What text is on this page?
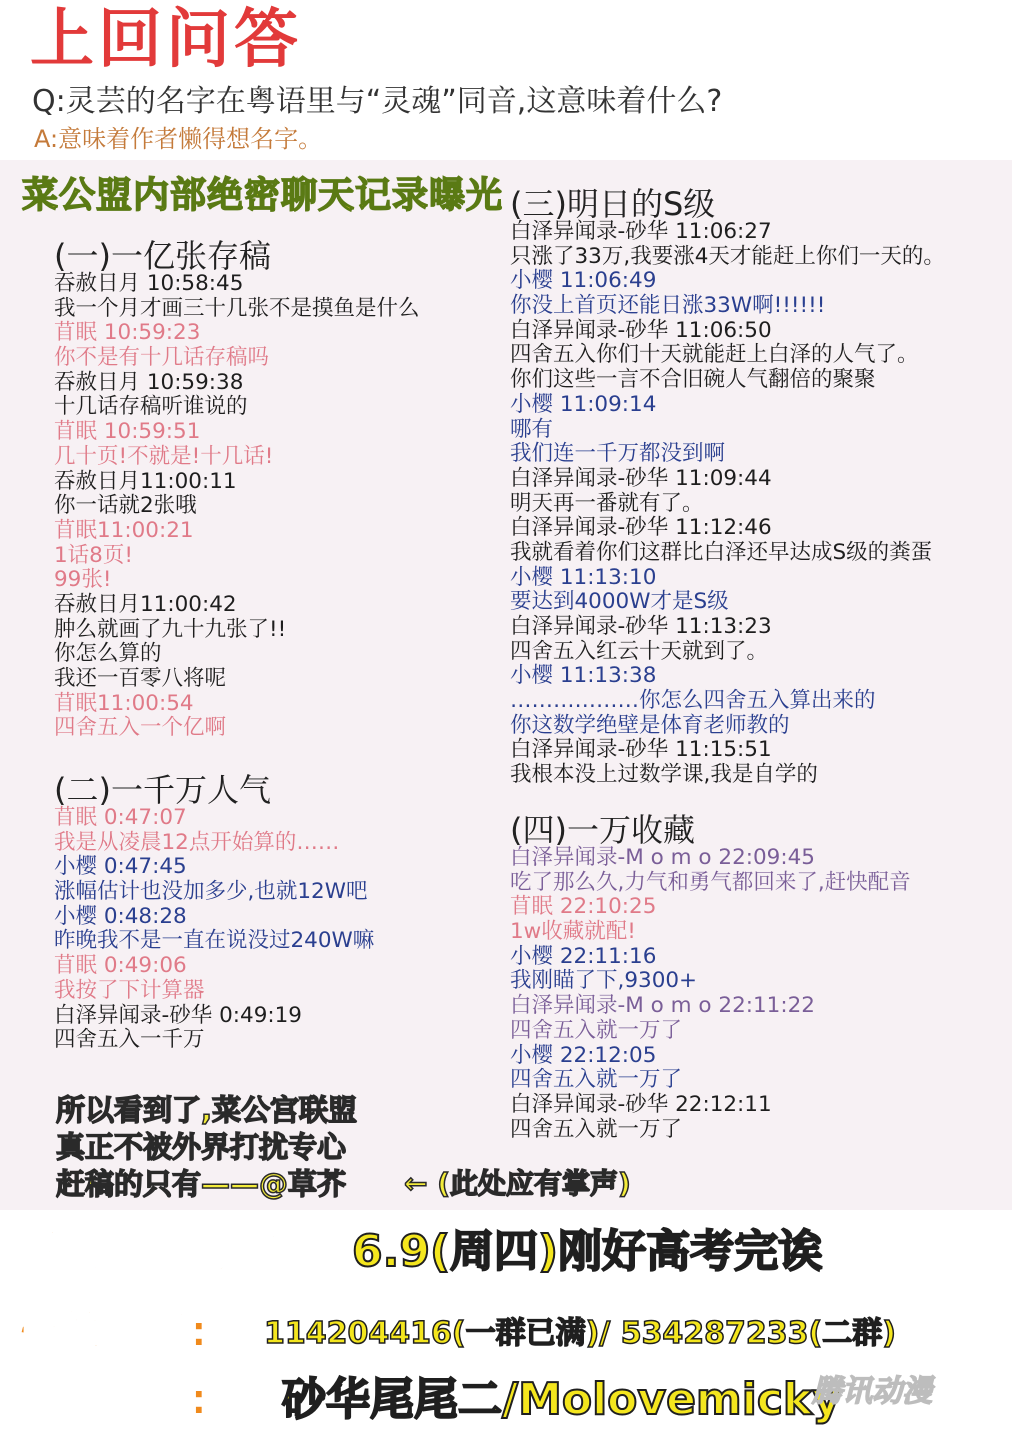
上回问答
Q:灵芸的名字在粤语里与“灵魂”同音,这意味着什么?
A:意味着作者懒得想名字。
菜公盟内部绝密聊天记录曝光
(一)一亿张存稿
吞赦日月 10:58:45
我一个月才画三十几张不是摸鱼是什么
苜眠 10:59:23
你不是有十几话存稿吗
吞赦日月 10:59:38
十几话存稿听谁说的
苜眠 10:59:51
几十页!不就是!十几话!
吞赦日月11:00:11
你一话就2张哦
苜眠11:00:21
1话8页!
99张!
吞赦日月11:00:42
肿么就画了九十九张了!!
你怎么算的
我还一百零八将呢
苜眠11:00:54
四舍五入一个亿啊
(二)一千万人气
苜眠 0:47:07
我是从凌晨12点开始算的……
小樱 0:47:45
涨幅估计也没加多少,也就12W吧
小樱 0:48:28
昨晚我不是一直在说没过240W嘛
苜眠 0:49:06
我按了下计算器
白泽异闻录-砂华 0:49:19
四舍五入一千万
(三)明日的S级
白泽异闻录-砂华 11:06:27
只涨了33万,我要涨4天才能赶上你们一天的。
小樱 11:06:49
你没上首页还能日涨33W啊!!!!!!
白泽异闻录-砂华 11:06:50
四舍五入你们十天就能赶上白泽的人气了。
你们这些一言不合旧碗人气翻倍的聚聚
小樱 11:09:14
哪有
我们连一千万都没到啊
白泽异闻录-砂华 11:09:44
明天再一番就有了。
白泽异闻录-砂华 11:12:46
我就看着你们这群比白泽还早达成S级的粪蛋
小樱 11:13:10
要达到4000W才是S级
白泽异闻录-砂华 11:13:23
四舍五入红云十天就到了。
小樱 11:13:38
………………你怎么四舍五入算出来的
你这数学绝壁是体育老师教的
白泽异闻录-砂华 11:15:51
我根本没上过数学课,我是自学的
(四)一万收藏
白泽异闻录-M o m o 22:09:45
吃了那么久,力气和勇气都回来了,赶快配音
苜眠 22:10:25
1w收藏就配!
小樱 22:11:16
我刚瞄了下,9300+
白泽异闻录-M o m o 22:11:22
四舍五入就一万了
小樱 22:12:05
四舍五入就一万了
白泽异闻录-砂华 22:12:11
四舍五入就一万了
所以看到了,菜公宫联盟
真正不被外界打扰专心
赶稿的只有——@草芥	← (此处应有掌声)
下期更新时间 6.9(周四)刚好高考完诶
粉丝群号: 114204416(一群已满)/ 534287233(二群)
作者微博: 砂华尾尾二/Molovemicky
腾讯动漫
